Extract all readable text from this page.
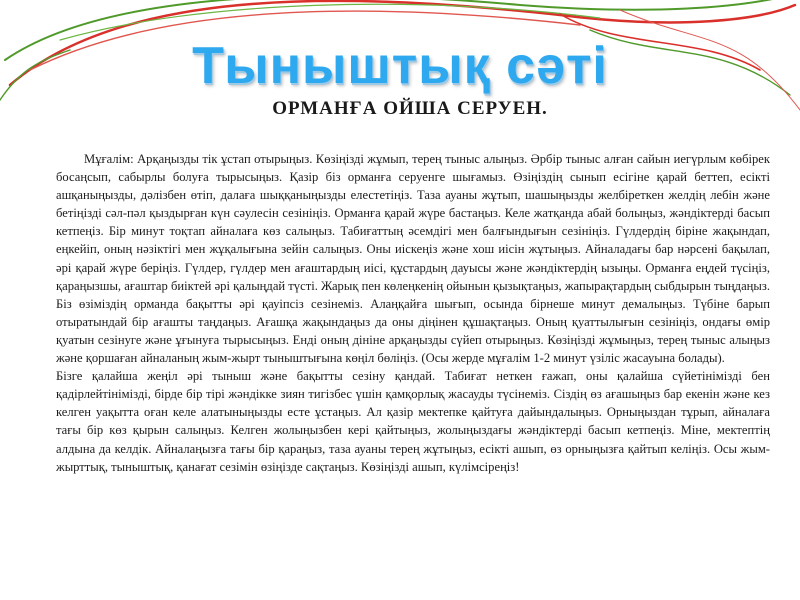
Тыныштық сәті
ОРМАНҒА ОЙША СЕРУЕН.

Мұғалім: Арқаңызды тік ұстап отырыңыз. Көзіңізді жұмып, терең тыныс алыңыз. Әрбір тыныс алған сайын иегүрлым көбірек босаңсып, сабырлы болуға тырысыңыз. Қазір біз орманға серуенге шығамыз. Өзіңіздің сынып есігіне қарай беттеп, есікті ашқаныңызды, дәлізбен өтіп, далаға шыққаныңызды елестетіңіз. Таза ауаны жұтып, шашыңызды желбіреткен желдің лебін және бетіңізді сәл-пәл қыздырған күн сәулесін сезініңіз. Орманға қарай жүре бастаңыз. Келе жатқанда абай болыңыз, жәндіктерді басып кетпеңіз. Бір минут тоқтап айналаға көз салыңыз. Табиғаттың әсемдігі мен балғындығын сезініңіз. Гүлдердің біріне жақындап, еңкейіп, оның нәзіктігі мен жұқалығына зейін салыңыз. Оны иіскеңіз және хош иісін жұтыңыз. Айналадағы бар нәрсені бақылап, әрі қарай жүре беріңіз. Гүлдер, гүлдер мен ағаштардың иісі, құстардың дауысы және жәндіктердің ызыңы. Орманға еңдей түсіңіз, қараңызшы, ағаштар биіктей әрі қалыңдай түсті. Жарық пен көлеңкенің ойынын қызықтаңыз, жапырақтардың сыбдырын тыңдаңыз. Біз өзіміздің орманда бақытты әрі қауіпсіз сезінеміз. Алаңқайға шығып, осында бірнеше минут демалыңыз. Түбіне барып отыратындай бір ағашты таңдаңыз. Ағашқа жақындаңыз да оны діңінен құшақтаңыз. Оның қуаттылығын сезініңіз, ондағы өмір қуатын сезінуге және ұғынуға тырысыңыз. Енді оның дініне арқаңызды сүйеп отырыңыз. Көзіңізді жұмыңыз, терең тыныс алыңыз және қоршаған айналаның жым-жырт тыныштығына көңіл бөліңіз. (Осы жерде мұғалім 1-2 минут үзіліс жасауына болады).

Бізге қалайша жеңіл әрі тыныш және бақытты сезіну қандай. Табиғат неткен ғажап, оны қалайша сүйетініміздi бен қадірлейтінімізді, бірде бір тірі жәндікке зиян тигізбес үшін қамқорлық жасауды түсінеміз. Сіздің өз ағашыңыз бар екенін және кез келген уақытта оған келе алатыныңызды есте ұстаңыз. Ал қазір мектепке қайтуға дайындалыңыз. Орныңыздан тұрып, айналаға тағы бір көз қырын салыңыз. Келген жолыңызбен кері қайтыңыз, жолыңыздағы жәндіктерді басып кетпеңіз. Міне, мектептің алдына да келдік. Айналаңызға тағы бір қараңыз, таза ауаны терең жұтыңыз, есікті ашып, өз орныңызға қайтып келіңіз. Осы жым-жырттық, тыныштық, қанағат сезімін өзіңізде сақтаңыз. Көзіңізді ашып, күлімсіреңіз!
